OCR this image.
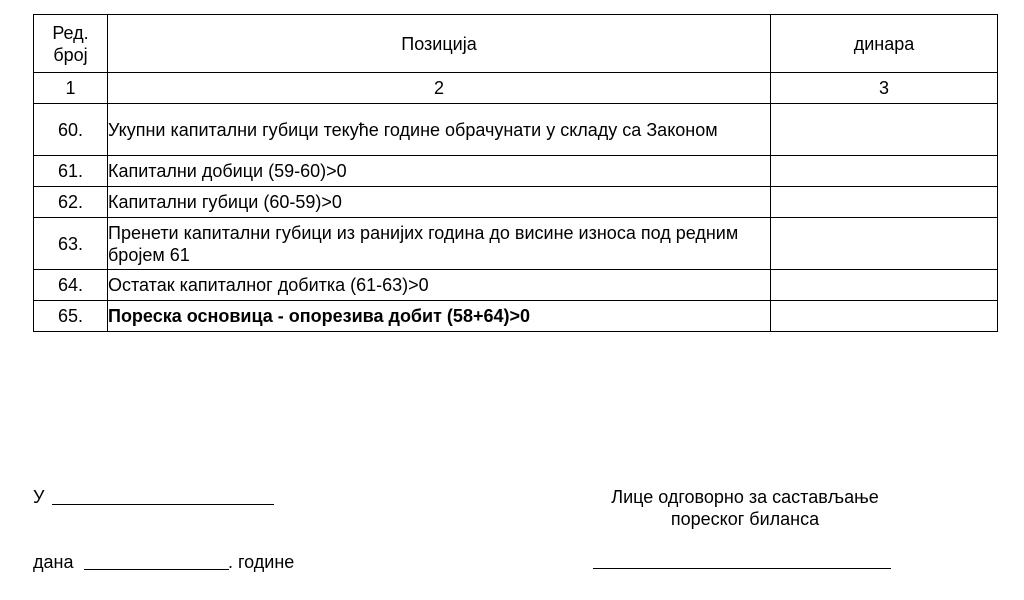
Ред. број	Позиција	динара
1	2	3
60.	Укупни капитални губици текуће године обрачунати у складу са Законом	
61.	Капитални добици (59-60)>0	
62.	Капитални губици (60-59)>0	
63.	Пренети капитални губици из ранијих година до висине износа под редним бројем 61	
64.	Остатак капиталног добитка (61-63)>0	
65.	Пореска основица - опорезива добит (58+64)>0	
У
дана	. године
Лице одговорно за састављање
пореског биланса
